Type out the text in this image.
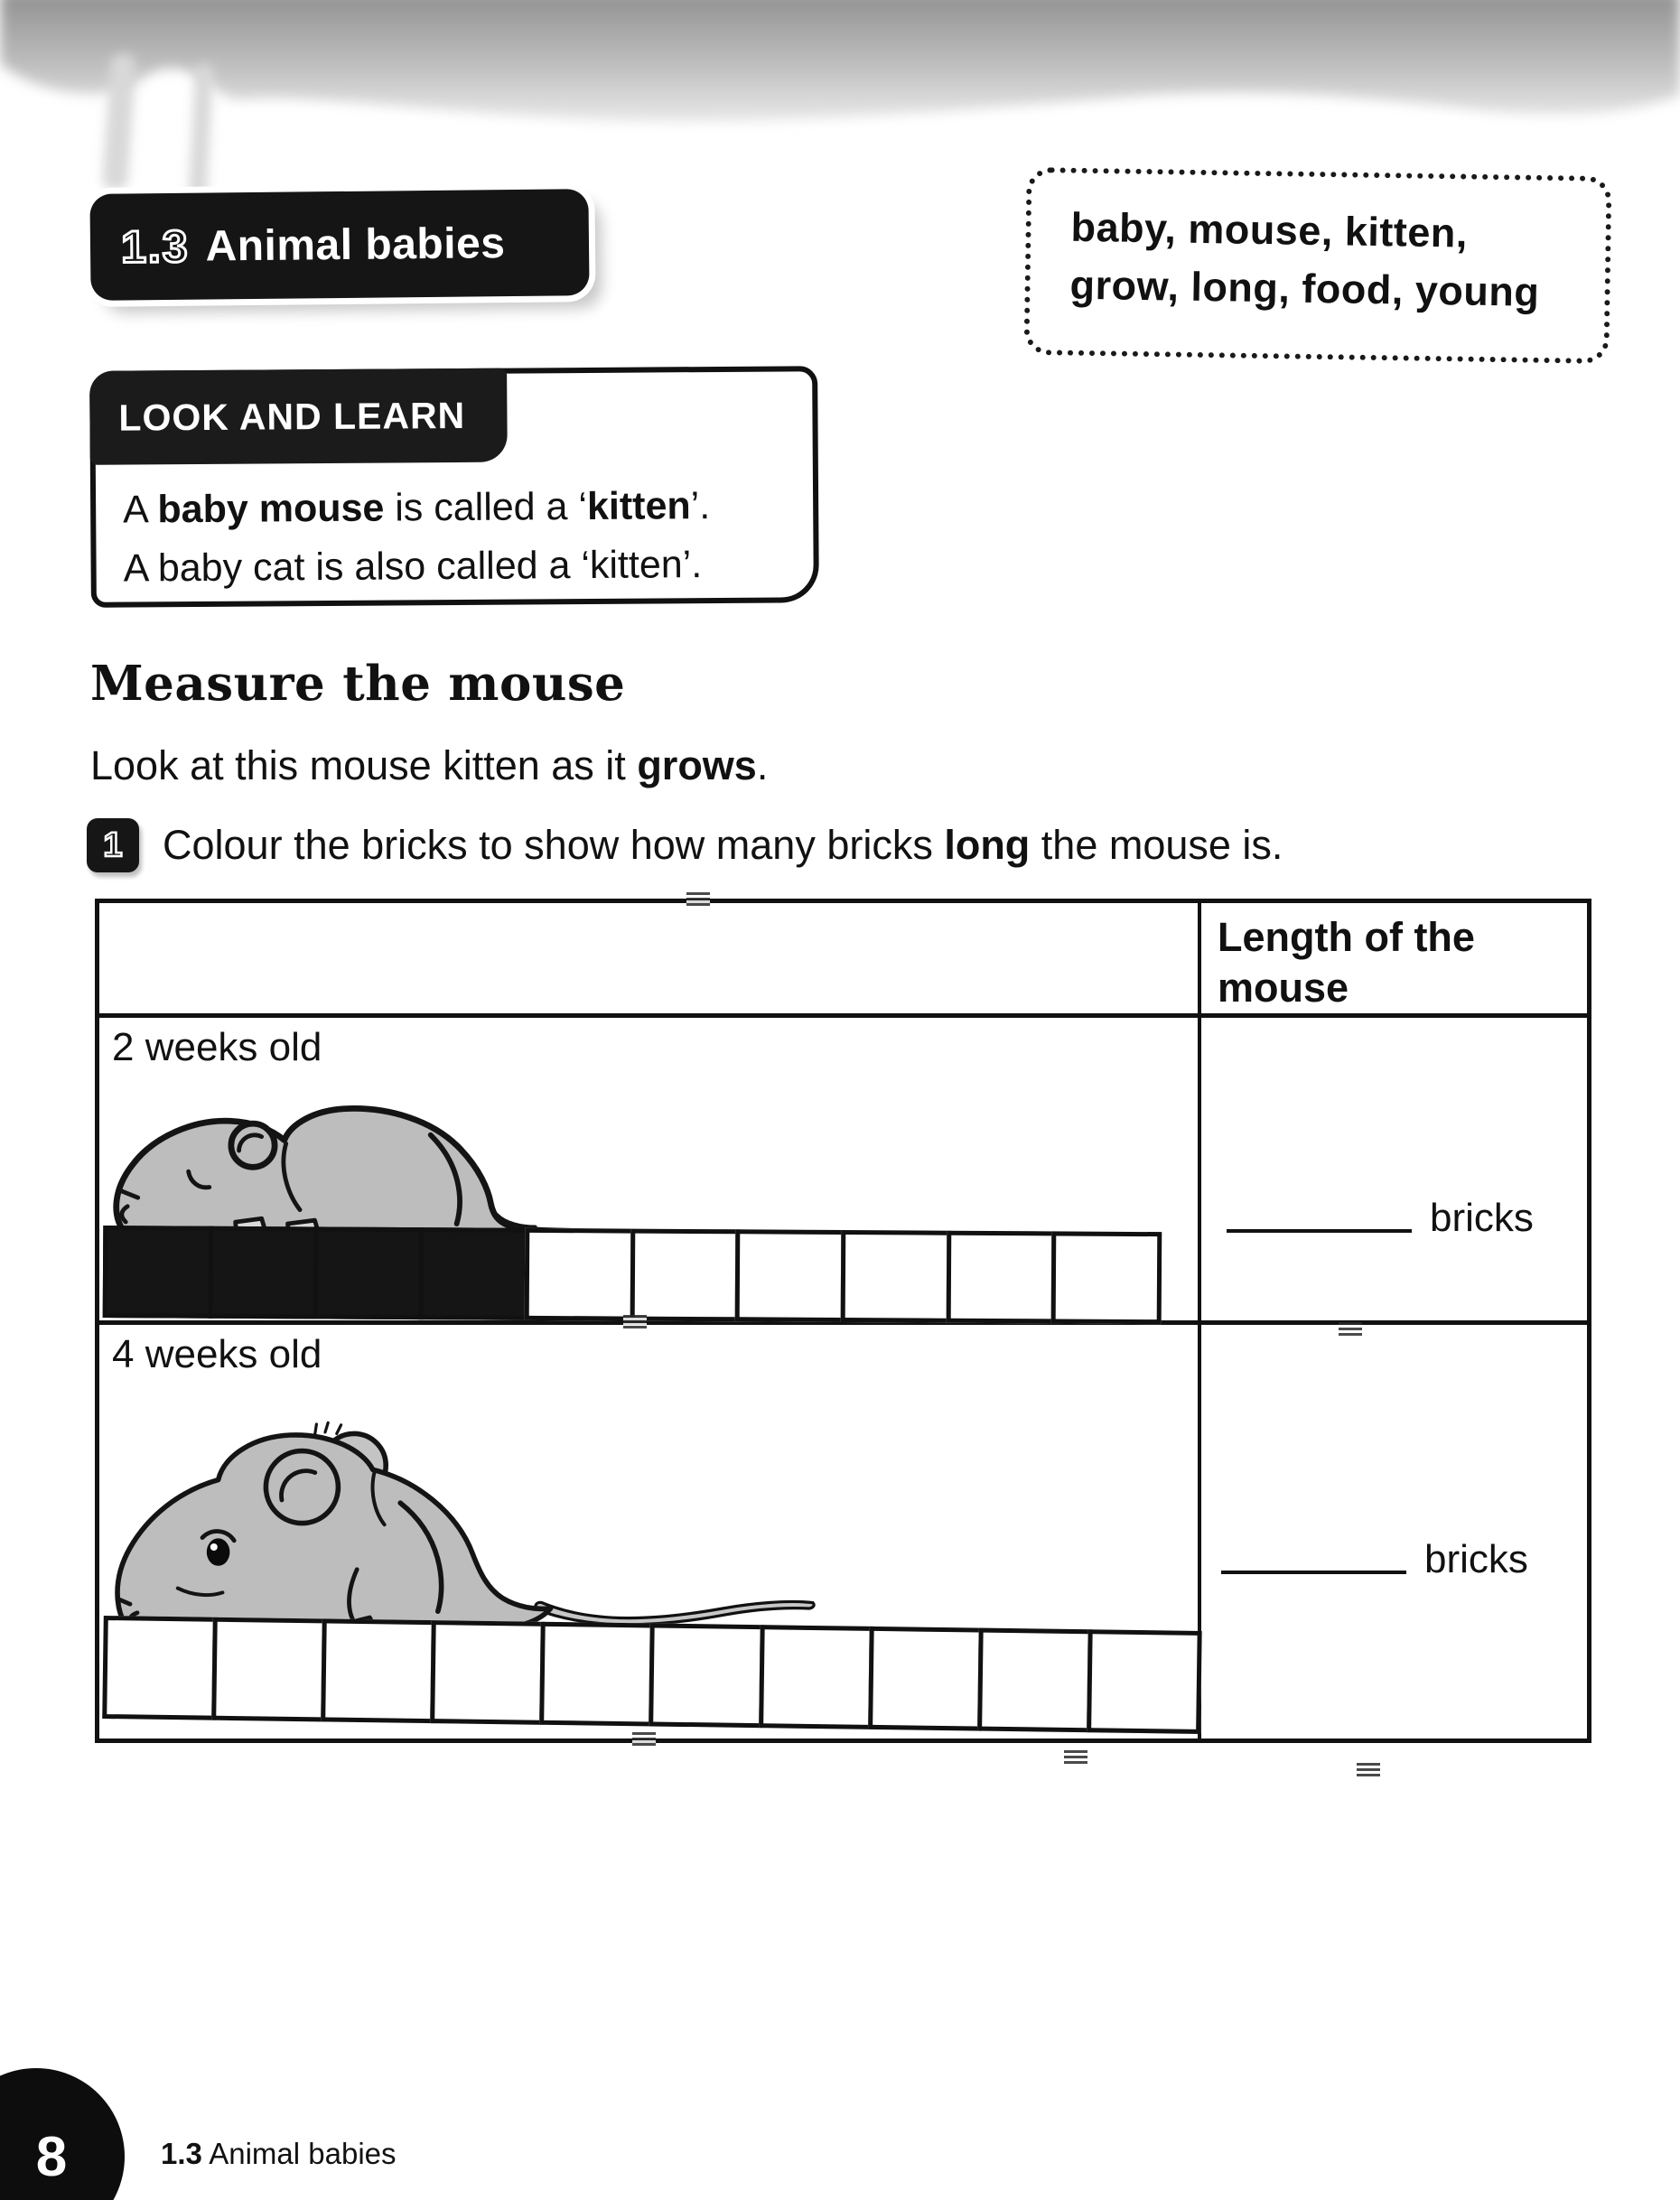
1.3 Animal babies	baby, mouse, kitten,
grow, long, food, young
LOOK AND LEARN
A baby mouse is called a ‘kitten’.
A baby cat is also called a ‘kitten’.
Measure the mouse
Look at this mouse kitten as it grows.
1 Colour the bricks to show how many bricks long the mouse is.
Length of the mouse
2 weeks old
bricks
4 weeks old
bricks
8	1.3 Animal babies
